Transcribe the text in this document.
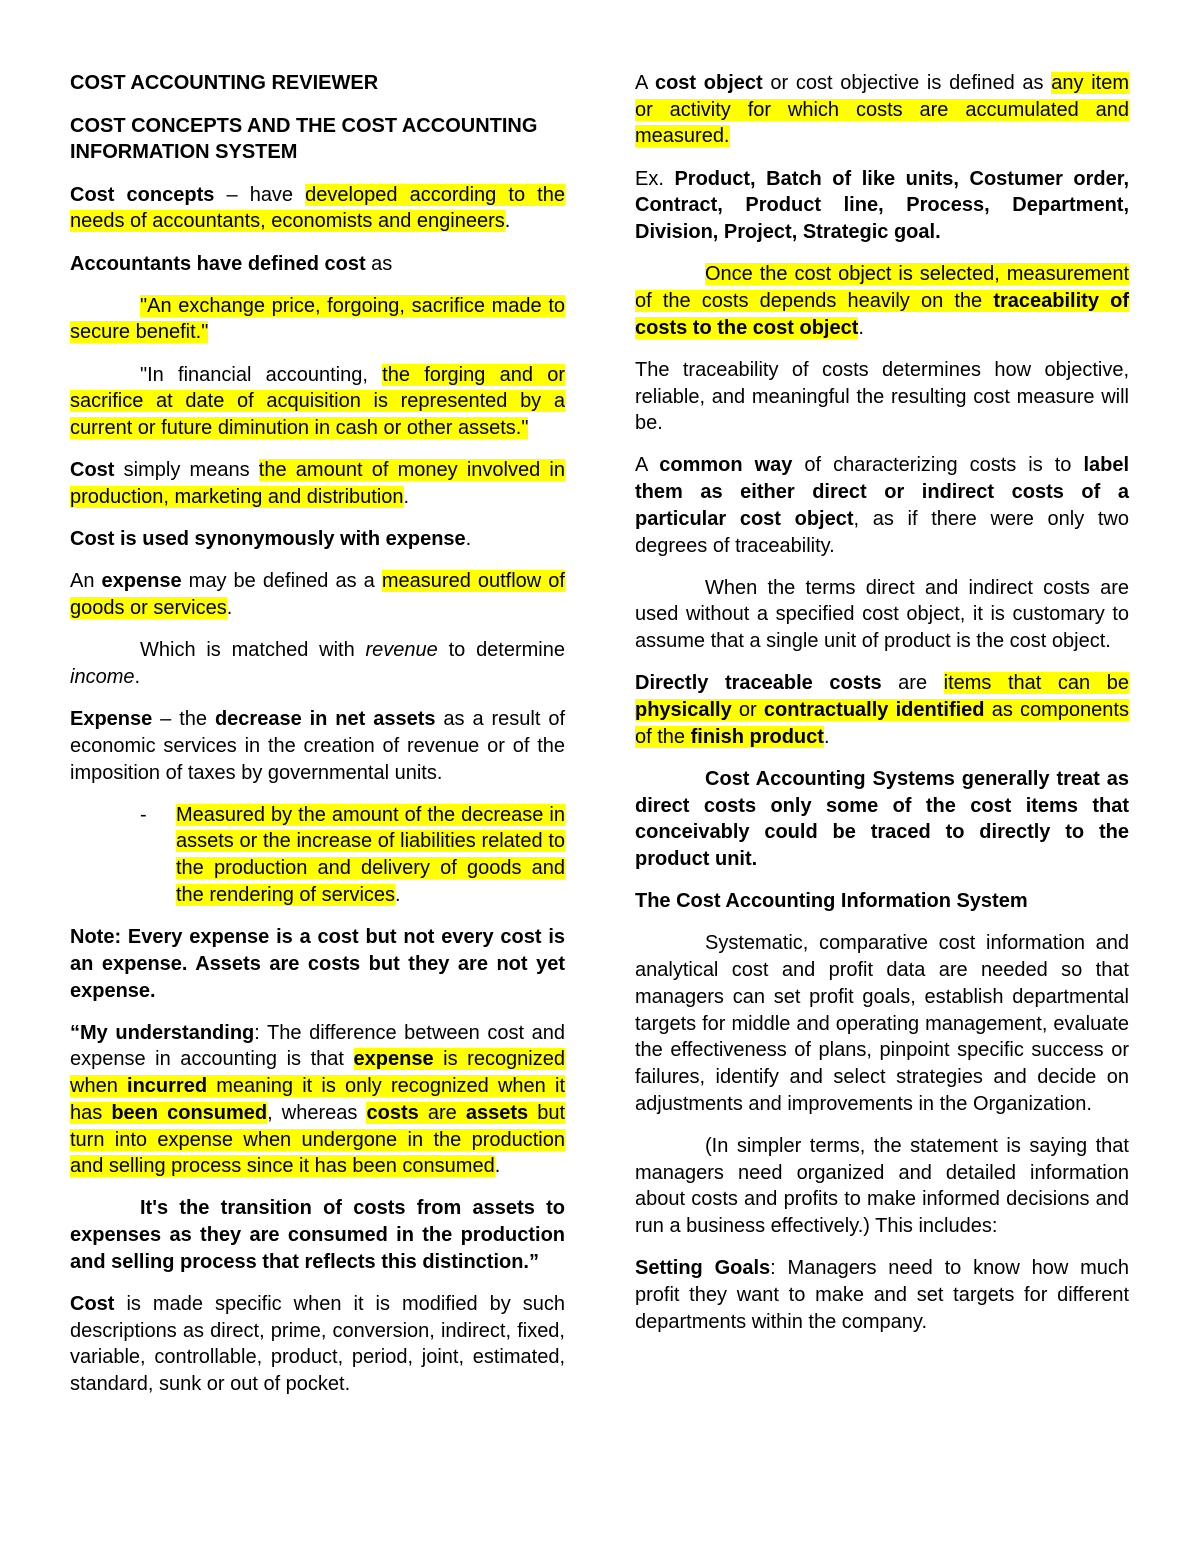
COST ACCOUNTING REVIEWER

COST CONCEPTS AND THE COST ACCOUNTING INFORMATION SYSTEM

Cost concepts – have developed according to the needs of accountants, economists and engineers.

Accountants have defined cost as

"An exchange price, forgoing, sacrifice made to secure benefit."

"In financial accounting, the forging and or sacrifice at date of acquisition is represented by a current or future diminution in cash or other assets."

Cost simply means the amount of money involved in production, marketing and distribution.

Cost is used synonymously with expense.

An expense may be defined as a measured outflow of goods or services.

Which is matched with revenue to determine income.

Expense – the decrease in net assets as a result of economic services in the creation of revenue or of the imposition of taxes by governmental units.

- Measured by the amount of the decrease in assets or the increase of liabilities related to the production and delivery of goods and the rendering of services.

Note: Every expense is a cost but not every cost is an expense. Assets are costs but they are not yet expense.

“My understanding: The difference between cost and expense in accounting is that expense is recognized when incurred meaning it is only recognized when it has been consumed, whereas costs are assets but turn into expense when undergone in the production and selling process since it has been consumed.

It's the transition of costs from assets to expenses as they are consumed in the production and selling process that reflects this distinction.”

Cost is made specific when it is modified by such descriptions as direct, prime, conversion, indirect, fixed, variable, controllable, product, period, joint, estimated, standard, sunk or out of pocket.

A cost object or cost objective is defined as any item or activity for which costs are accumulated and measured.

Ex. Product, Batch of like units, Costumer order, Contract, Product line, Process, Department, Division, Project, Strategic goal.

Once the cost object is selected, measurement of the costs depends heavily on the traceability of costs to the cost object.

The traceability of costs determines how objective, reliable, and meaningful the resulting cost measure will be.

A common way of characterizing costs is to label them as either direct or indirect costs of a particular cost object, as if there were only two degrees of traceability.

When the terms direct and indirect costs are used without a specified cost object, it is customary to assume that a single unit of product is the cost object.

Directly traceable costs are items that can be physically or contractually identified as components of the finish product.

Cost Accounting Systems generally treat as direct costs only some of the cost items that conceivably could be traced to directly to the product unit.

The Cost Accounting Information System

Systematic, comparative cost information and analytical cost and profit data are needed so that managers can set profit goals, establish departmental targets for middle and operating management, evaluate the effectiveness of plans, pinpoint specific success or failures, identify and select strategies and decide on adjustments and improvements in the Organization.

(In simpler terms, the statement is saying that managers need organized and detailed information about costs and profits to make informed decisions and run a business effectively.) This includes:

Setting Goals: Managers need to know how much profit they want to make and set targets for different departments within the company.
